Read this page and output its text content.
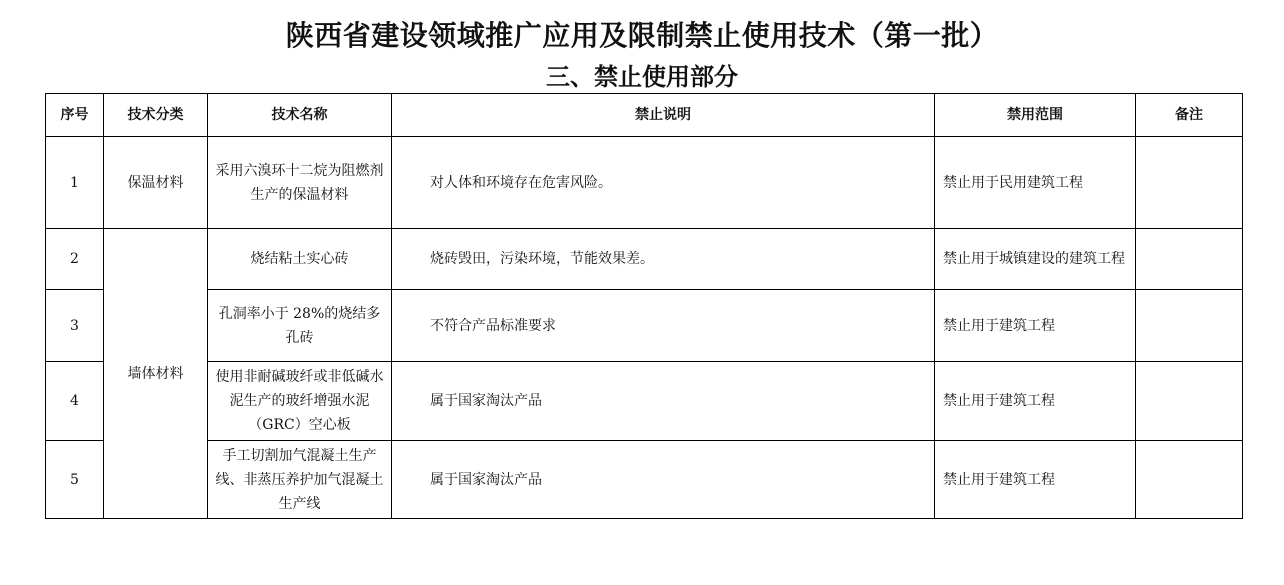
陕西省建设领域推广应用及限制禁止使用技术（第一批）
三、禁止使用部分
序号	技术分类	技术名称	禁止说明	禁用范围	备注
1	保温材料	采用六溴环十二烷为阻燃剂生产的保温材料	对人体和环境存在危害风险。	禁止用于民用建筑工程	
2	墙体材料	烧结粘土实心砖	烧砖毁田，污染环境，节能效果差。	禁止用于城镇建设的建筑工程	
3		孔洞率小于 28%的烧结多孔砖	不符合产品标准要求	禁止用于建筑工程	
4		使用非耐碱玻纤或非低碱水泥生产的玻纤增强水泥（GRC）空心板	属于国家淘汰产品	禁止用于建筑工程	
5		手工切割加气混凝土生产线、非蒸压养护加气混凝土生产线	属于国家淘汰产品	禁止用于建筑工程	
